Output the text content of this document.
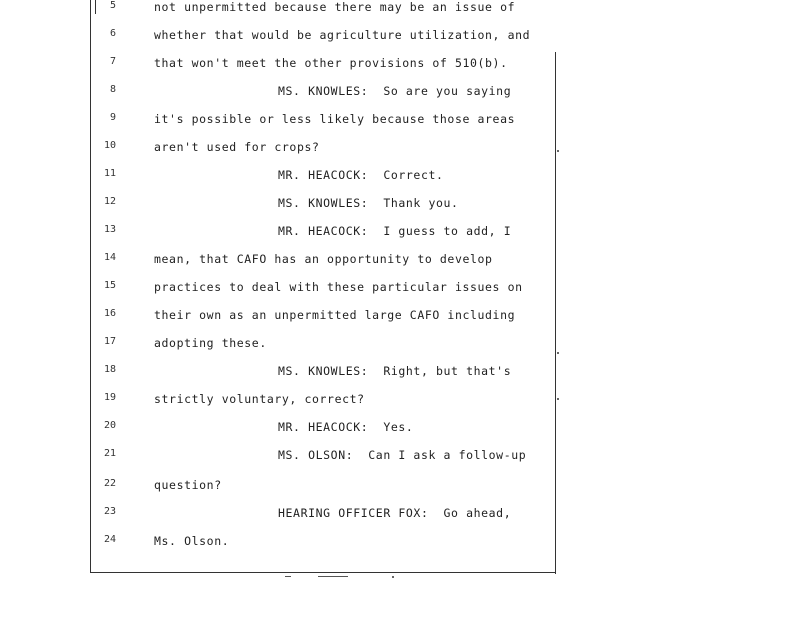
5	not unpermitted because there may be an issue of
6	whether that would be agriculture utilization, and
7	that won't meet the other provisions of 510(b).
8	MS. KNOWLES:  So are you saying
9	it's possible or less likely because those areas
10	aren't used for crops?
11	MR. HEACOCK:  Correct.
12	MS. KNOWLES:  Thank you.
13	MR. HEACOCK:  I guess to add, I
14	mean, that CAFO has an opportunity to develop
15	practices to deal with these particular issues on
16	their own as an unpermitted large CAFO including
17	adopting these.
18	MS. KNOWLES:  Right, but that's
19	strictly voluntary, correct?
20	MR. HEACOCK:  Yes.
21	MS. OLSON:  Can I ask a follow-up
22	question?
23	HEARING OFFICER FOX:  Go ahead,
24	Ms. Olson.
